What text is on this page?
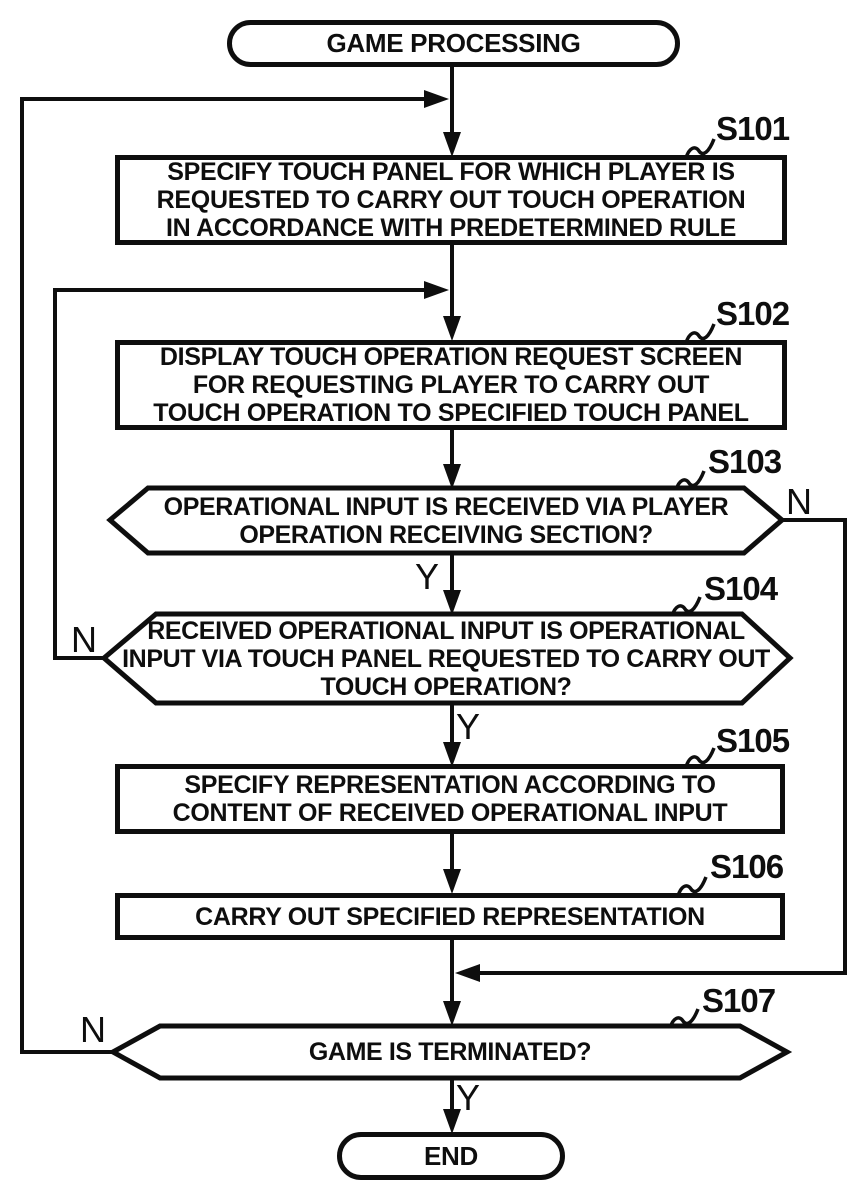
GAME PROCESSING
SPECIFY TOUCH PANEL FOR WHICH PLAYER IS
REQUESTED TO CARRY OUT TOUCH OPERATION
IN ACCORDANCE WITH PREDETERMINED RULE
DISPLAY TOUCH OPERATION REQUEST SCREEN
FOR REQUESTING PLAYER TO CARRY OUT
TOUCH OPERATION TO SPECIFIED TOUCH PANEL
OPERATIONAL INPUT IS RECEIVED VIA PLAYER
OPERATION RECEIVING SECTION?
RECEIVED OPERATIONAL INPUT IS OPERATIONAL
INPUT VIA TOUCH PANEL REQUESTED TO CARRY OUT
TOUCH OPERATION?
SPECIFY REPRESENTATION ACCORDING TO
CONTENT OF RECEIVED OPERATIONAL INPUT
CARRY OUT SPECIFIED REPRESENTATION
GAME IS TERMINATED?
END
S101
S102
S103
S104
S105
S106
S107
N
Y
N
Y
N
Y
